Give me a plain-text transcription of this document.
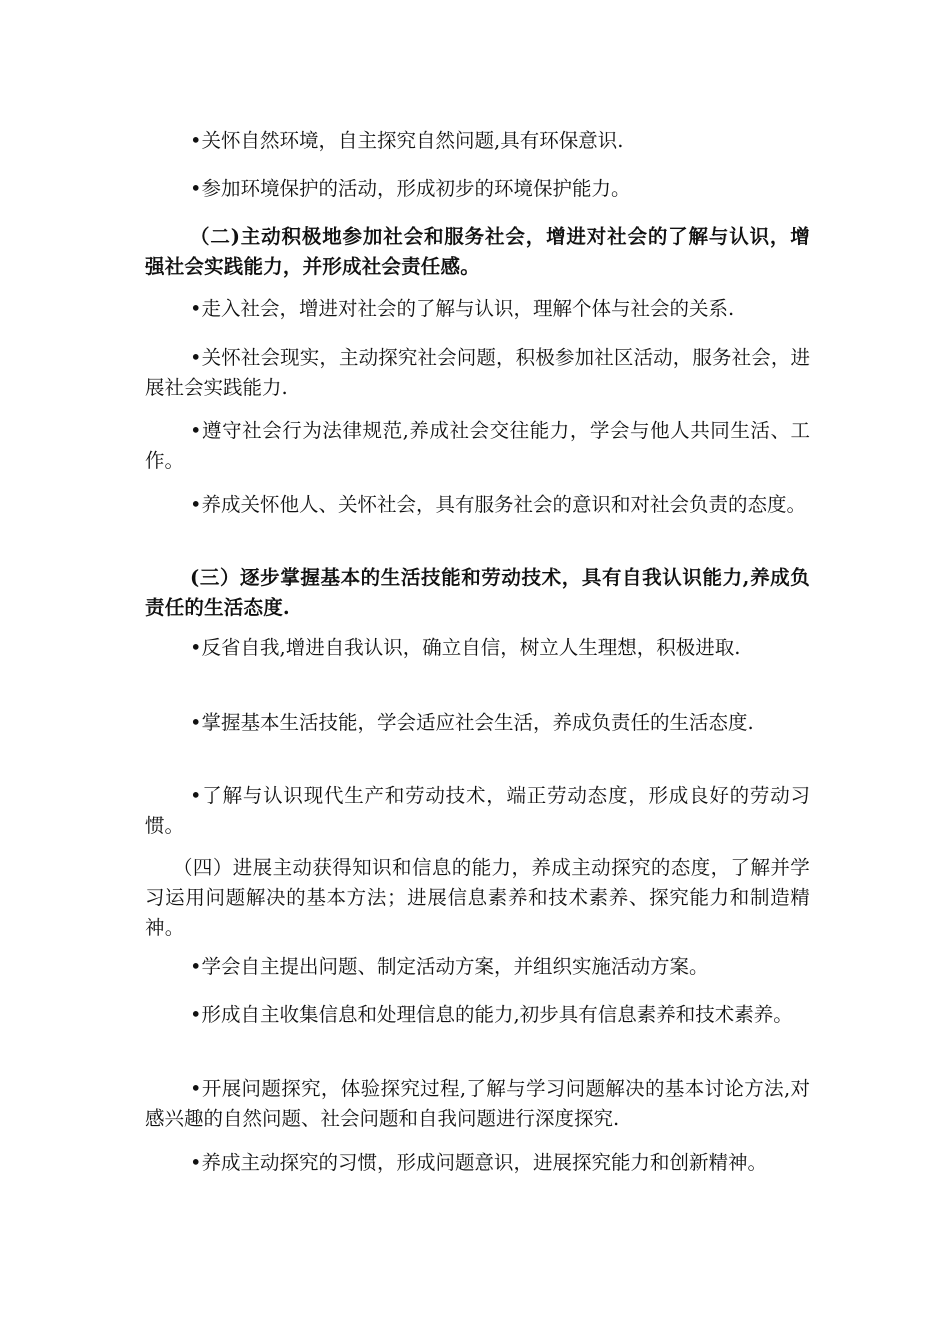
•关怀自然环境，自主探究自然问题,具有环保意识.

•参加环境保护的活动，形成初步的环境保护能力。

（二)主动积极地参加社会和服务社会，增进对社会的了解与认识，增强社会实践能力，并形成社会责任感。

•走入社会，增进对社会的了解与认识，理解个体与社会的关系.

•关怀社会现实，主动探究社会问题，积极参加社区活动，服务社会，进展社会实践能力.

•遵守社会行为法律规范,养成社会交往能力，学会与他人共同生活、工作。

•养成关怀他人、关怀社会，具有服务社会的意识和对社会负责的态度。

(三）逐步掌握基本的生活技能和劳动技术，具有自我认识能力,养成负责任的生活态度.

•反省自我,增进自我认识，确立自信，树立人生理想，积极进取.

•掌握基本生活技能，学会适应社会生活，养成负责任的生活态度.

•了解与认识现代生产和劳动技术，端正劳动态度，形成良好的劳动习惯。

（四）进展主动获得知识和信息的能力，养成主动探究的态度，了解并学习运用问题解决的基本方法；进展信息素养和技术素养、探究能力和制造精神。

•学会自主提出问题、制定活动方案，并组织实施活动方案。

•形成自主收集信息和处理信息的能力,初步具有信息素养和技术素养。

•开展问题探究，体验探究过程,了解与学习问题解决的基本讨论方法,对感兴趣的自然问题、社会问题和自我问题进行深度探究.

•养成主动探究的习惯，形成问题意识，进展探究能力和创新精神。
